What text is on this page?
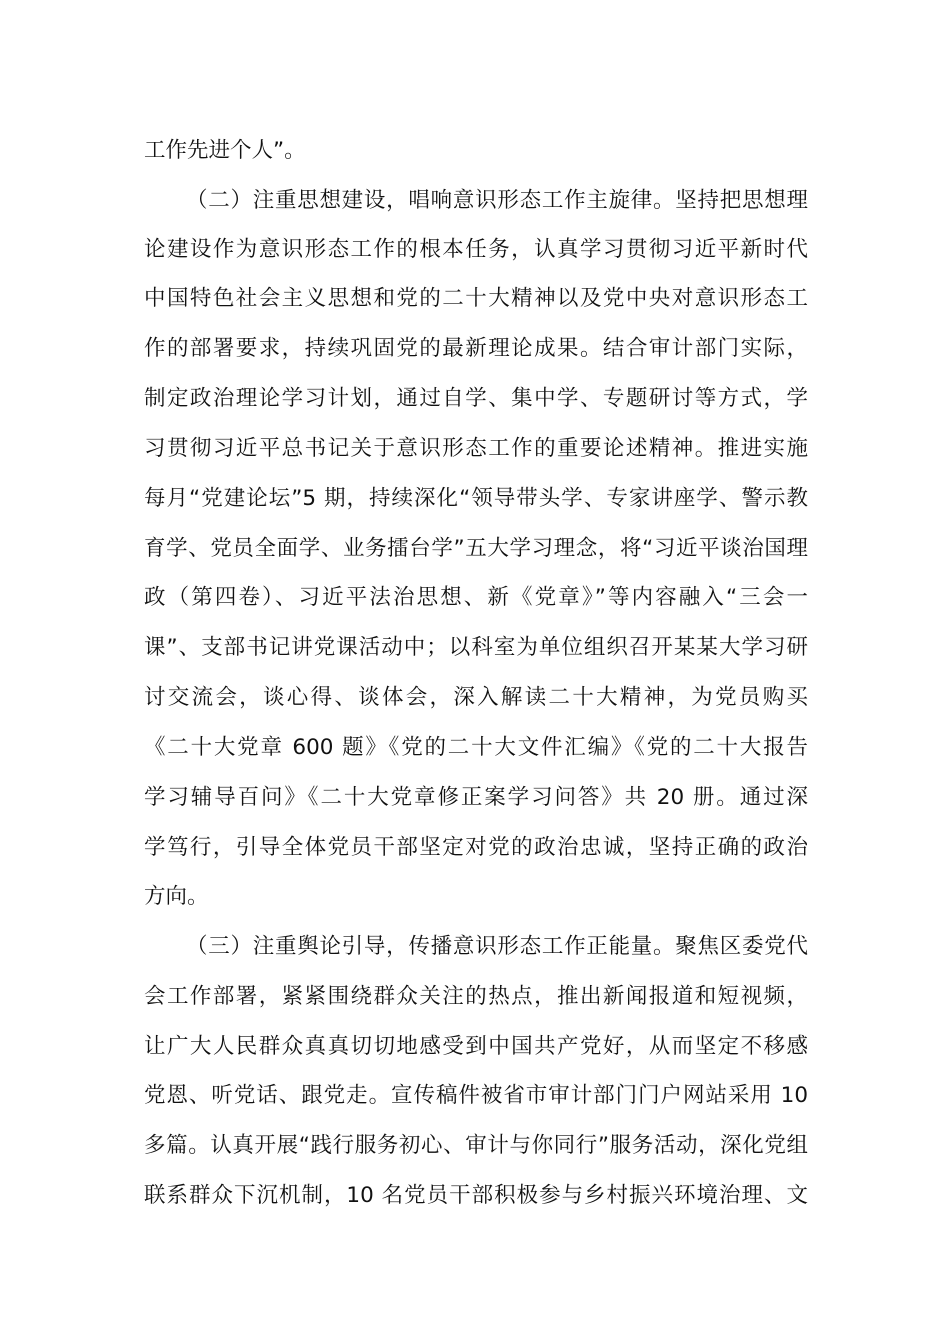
工作先进个人”。
（二）注重思想建设，唱响意识形态工作主旋律。坚持把思想理
论建设作为意识形态工作的根本任务，认真学习贯彻习近平新时代
中国特色社会主义思想和党的二十大精神以及党中央对意识形态工
作的部署要求，持续巩固党的最新理论成果。结合审计部门实际，
制定政治理论学习计划，通过自学、集中学、专题研讨等方式，学
习贯彻习近平总书记关于意识形态工作的重要论述精神。推进实施
每月“党建论坛”5 期，持续深化“领导带头学、专家讲座学、警示教
育学、党员全面学、业务擂台学”五大学习理念，将“习近平谈治国理
政（第四卷）、习近平法治思想、新《党章》”等内容融入“三会一
课”、支部书记讲党课活动中；以科室为单位组织召开某某大学习研
讨交流会，谈心得、谈体会，深入解读二十大精神，为党员购买
《二十大党章 600 题》《党的二十大文件汇编》《党的二十大报告
学习辅导百问》《二十大党章修正案学习问答》共 20 册。通过深
学笃行，引导全体党员干部坚定对党的政治忠诚，坚持正确的政治
方向。
（三）注重舆论引导，传播意识形态工作正能量。聚焦区委党代
会工作部署，紧紧围绕群众关注的热点，推出新闻报道和短视频，
让广大人民群众真真切切地感受到中国共产党好，从而坚定不移感
党恩、听党话、跟党走。宣传稿件被省市审计部门门户网站采用 10
多篇。认真开展“践行服务初心、审计与你同行”服务活动，深化党组
联系群众下沉机制，10 名党员干部积极参与乡村振兴环境治理、文
